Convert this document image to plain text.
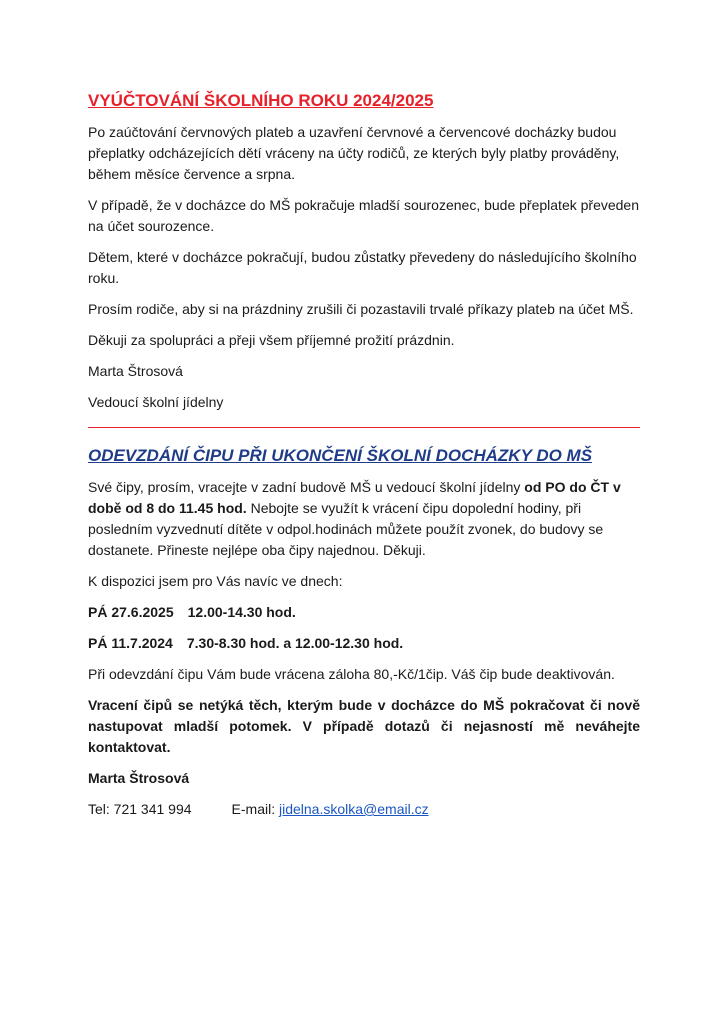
VYÚČTOVÁNÍ ŠKOLNÍHO ROKU 2024/2025

Po zaúčtování červnových plateb a uzavření červnové a červencové docházky budou přeplatky odcházejících dětí vráceny na účty rodičů, ze kterých byly platby prováděny, během měsíce července a srpna.

V případě, že v docházce do MŠ pokračuje mladší sourozenec, bude přeplatek převeden na účet sourozence.

Dětem, které v docházce pokračují, budou zůstatky převedeny do následujícího školního roku.

Prosím rodiče, aby si na prázdniny zrušili či pozastavili trvalé příkazy plateb na účet MŠ.

Děkuji za spolupráci a přeji všem příjemné prožití prázdnin.

Marta Štrosová

Vedoucí školní jídelny

ODEVZDÁNÍ ČIPU PŘI UKONČENÍ ŠKOLNÍ DOCHÁZKY DO MŠ

Své čipy, prosím, vracejte v zadní budově MŠ u vedoucí školní jídelny od PO do ČT v době od 8 do 11.45 hod. Nebojte se využít k vrácení čipu dopolední hodiny, při posledním vyzvednutí dítěte v odpol.hodinách můžete použít zvonek, do budovy se dostanete. Přineste nejlépe oba čipy najednou. Děkuji.

K dispozici jsem pro Vás navíc ve dnech:

PÁ 27.6.2025 12.00-14.30 hod.

PÁ 11.7.2024 7.30-8.30 hod. a 12.00-12.30 hod.

Při odevzdání čipu Vám bude vrácena záloha 80,-Kč/1čip. Váš čip bude deaktivován.

Vracení čipů se netýká těch, kterým bude v docházce do MŠ pokračovat či nově nastupovat mladší potomek. V případě dotazů či nejasností mě neváhejte kontaktovat.

Marta Štrosová

Tel: 721 341 994	E-mail: jidelna.skolka@email.cz
